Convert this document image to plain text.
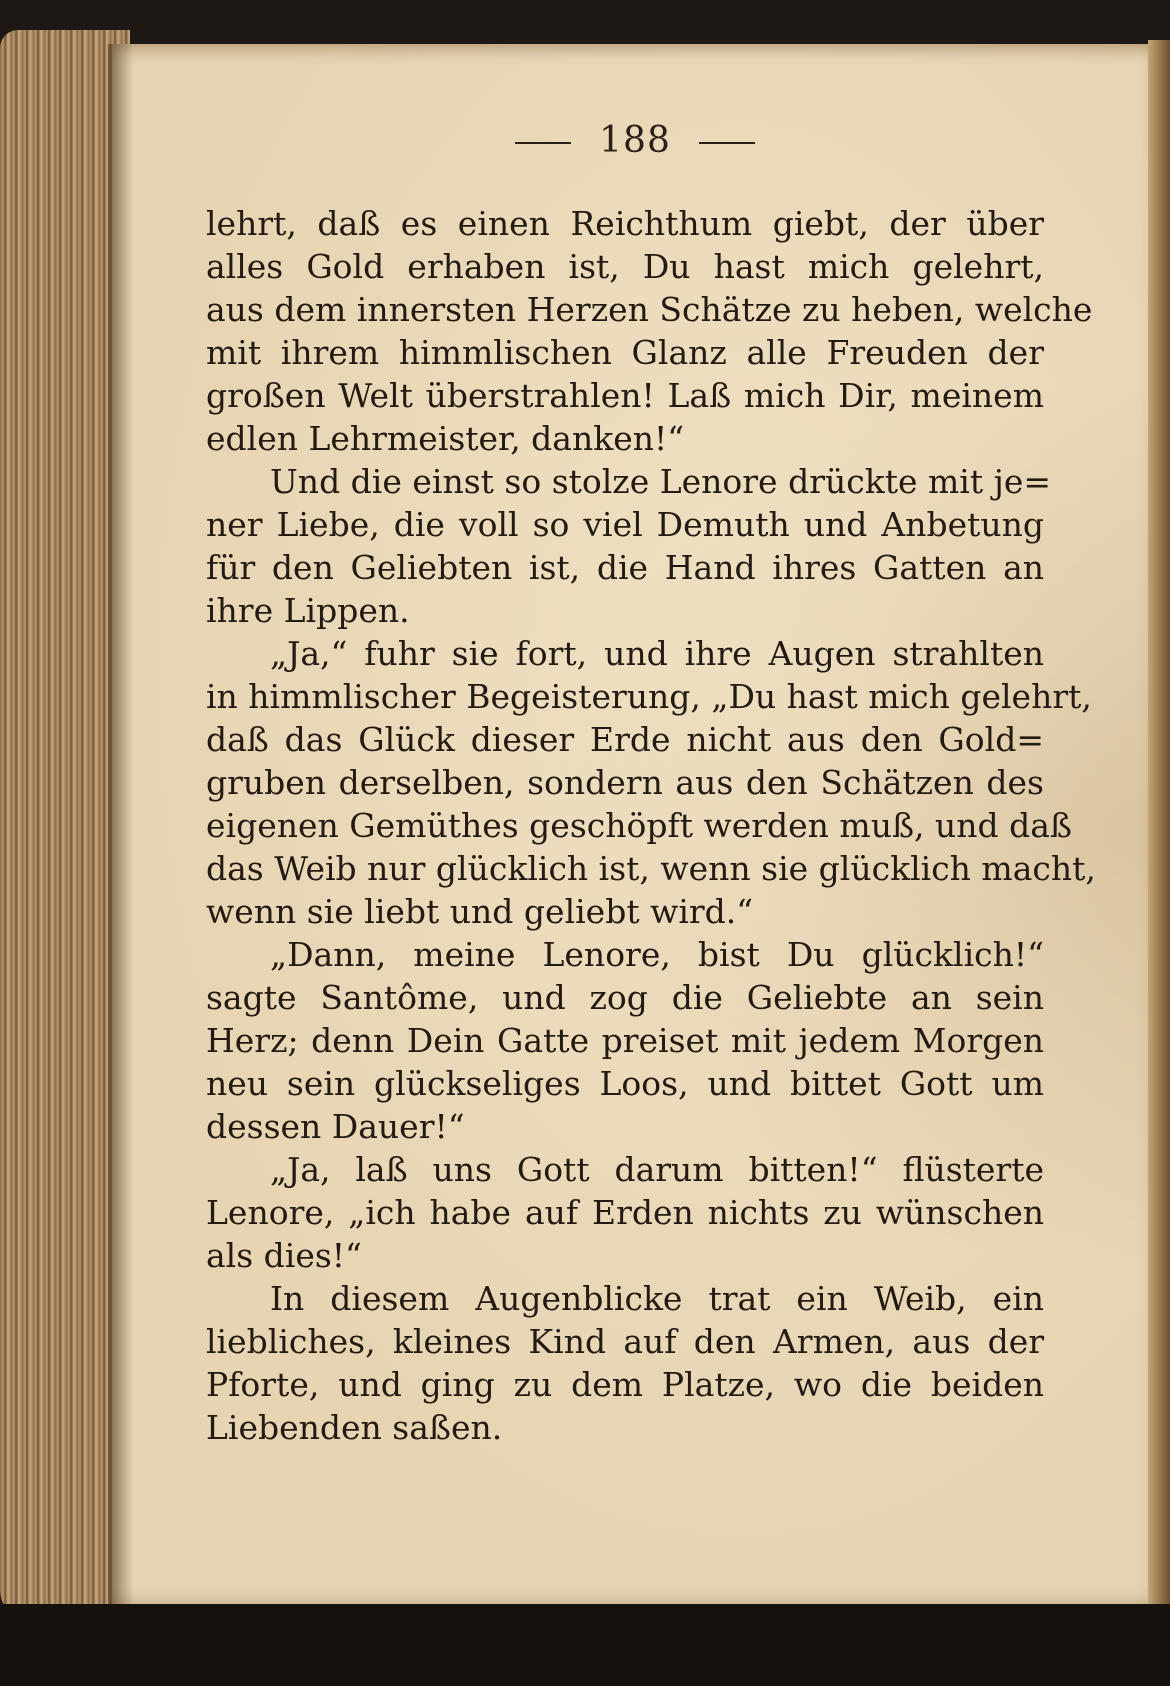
188
lehrt, daß es einen Reichthum giebt, der über
alles Gold erhaben ist, Du hast mich gelehrt,
aus dem innersten Herzen Schätze zu heben, welche
mit ihrem himmlischen Glanz alle Freuden der
großen Welt überstrahlen! Laß mich Dir, meinem
edlen Lehrmeister, danken!“
Und die einst so stolze Lenore drückte mit je=
ner Liebe, die voll so viel Demuth und Anbetung
für den Geliebten ist, die Hand ihres Gatten an
ihre Lippen.
„Ja,“ fuhr sie fort, und ihre Augen strahlten
in himmlischer Begeisterung, „Du hast mich gelehrt,
daß das Glück dieser Erde nicht aus den Gold=
gruben derselben, sondern aus den Schätzen des
eigenen Gemüthes geschöpft werden muß, und daß
das Weib nur glücklich ist, wenn sie glücklich macht,
wenn sie liebt und geliebt wird.“
„Dann, meine Lenore, bist Du glücklich!“
sagte Santôme, und zog die Geliebte an sein
Herz; denn Dein Gatte preiset mit jedem Morgen
neu sein glückseliges Loos, und bittet Gott um
dessen Dauer!“
„Ja, laß uns Gott darum bitten!“ flüsterte
Lenore, „ich habe auf Erden nichts zu wünschen
als dies!“
In diesem Augenblicke trat ein Weib, ein
liebliches, kleines Kind auf den Armen, aus der
Pforte, und ging zu dem Platze, wo die beiden
Liebenden saßen.
